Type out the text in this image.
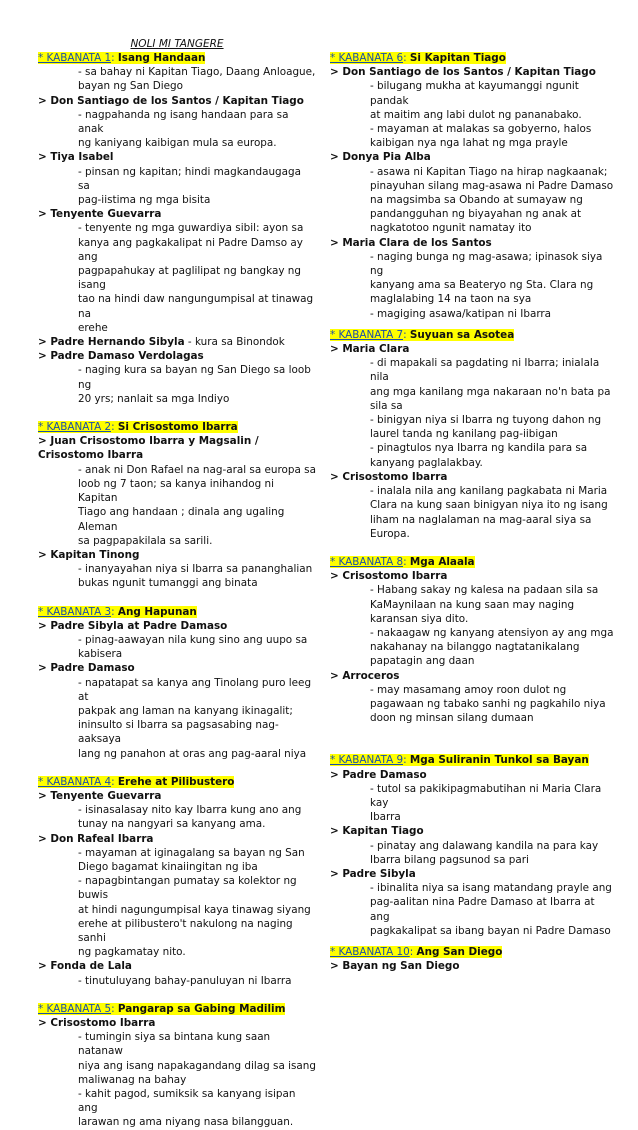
NOLI MI TANGERE
* KABANATA 1: Isang Handaan
- sa bahay ni Kapitan Tiago, Daang Anloague,
bayan ng San Diego
> Don Santiago de los Santos / Kapitan Tiago
- nagpahanda ng isang handaan para sa anak
ng kaniyang kaibigan mula sa europa.
> Tiya Isabel
- pinsan ng kapitan; hindi magkandaugaga sa
pag-iistima ng mga bisita
> Tenyente Guevarra
- tenyente ng mga guwardiya sibil: ayon sa
kanya ang pagkakalipat ni Padre Damso ay ang
pagpapahukay at paglilipat ng bangkay ng isang
tao na hindi daw nangungumpisal at tinawag na
erehe
> Padre Hernando Sibyla - kura sa Binondok
> Padre Damaso Verdolagas
- naging kura sa bayan ng San Diego sa loob ng
20 yrs; nanlait sa mga Indiyo
* KABANATA 2: Si Crisostomo Ibarra
> Juan Crisostomo Ibarra y Magsalin /
Crisostomo Ibarra
- anak ni Don Rafael na nag-aral sa europa sa
loob ng 7 taon; sa kanya inihandog ni Kapitan
Tiago ang handaan ; dinala ang ugaling Aleman
sa pagpapakilala sa sarili.
> Kapitan Tinong
- inanyayahan niya si Ibarra sa pananghalian
bukas ngunit tumanggi ang binata
* KABANATA 3: Ang Hapunan
> Padre Sibyla at Padre Damaso
- pinag-aawayan nila kung sino ang uupo sa
kabisera
> Padre Damaso
- napatapat sa kanya ang Tinolang puro leeg at
pakpak ang laman na kanyang ikinagalit;
ininsulto si Ibarra sa pagsasabing nag-aaksaya
lang ng panahon at oras ang pag-aaral niya
* KABANATA 4: Erehe at Pilibustero
> Tenyente Guevarra
- isinasalasay nito kay Ibarra kung ano ang
tunay na nangyari sa kanyang ama.
> Don Rafeal Ibarra
- mayaman at iginagalang sa bayan ng San
Diego bagamat kinaiingitan ng iba
- napagbintangan pumatay sa kolektor ng buwis
at hindi nagungumpisal kaya tinawag siyang
erehe at pilibustero't nakulong na naging sanhi
ng pagkamatay nito.
> Fonda de Lala
- tinutuluyang bahay-panuluyan ni Ibarra
* KABANATA 5: Pangarap sa Gabing Madilim
> Crisostomo Ibarra
- tumingin siya sa bintana kung saan natanaw
niya ang isang napakagandang dilag sa isang
maliwanag na bahay
- kahit pagod, sumiksik sa kanyang isipan ang
larawan ng ama niyang nasa bilangguan.
* KABANATA 6: Si Kapitan Tiago
> Don Santiago de los Santos / Kapitan Tiago
- bilugang mukha at kayumanggi ngunit pandak
at maitim ang labi dulot ng pananabako.
- mayaman at malakas sa gobyerno, halos
kaibigan nya nga lahat ng mga prayle
> Donya Pia Alba
- asawa ni Kapitan Tiago na hirap nagkaanak;
pinayuhan silang mag-asawa ni Padre Damaso
na magsimba sa Obando at sumayaw ng
pandangguhan ng biyayahan ng anak at
nagkatotoo ngunit namatay ito
> Maria Clara de los Santos
- naging bunga ng mag-asawa; ipinasok siya ng
kanyang ama sa Beateryo ng Sta. Clara ng
maglalabing 14 na taon na sya
- magiging asawa/katipan ni Ibarra
* KABANATA 7: Suyuan sa Asotea
> Maria Clara
- di mapakali sa pagdating ni Ibarra; inialala nila
ang mga kanilang mga nakaraan no'n bata pa
sila sa
- binigyan niya si Ibarra ng tuyong dahon ng
laurel tanda ng kanilang pag-iibigan
- pinagtulos nya Ibarra ng kandila para sa
kanyang paglalakbay.
> Crisostomo Ibarra
- inalala nila ang kanilang pagkabata ni Maria
Clara na kung saan binigyan niya ito ng isang
liham na naglalaman na mag-aaral siya sa
Europa.
* KABANATA 8: Mga Alaala
> Crisostomo Ibarra
- Habang sakay ng kalesa na padaan sila sa
KaMaynilaan na kung saan may naging
karansan siya dito.
- nakaagaw ng kanyang atensiyon ay ang mga
nakahanay na bilanggo nagtatanikalang
papatagin ang daan
> Arroceros
- may masamang amoy roon dulot ng
pagawaan ng tabako sanhi ng pagkahilo niya
doon ng minsan silang dumaan
* KABANATA 9: Mga Suliranin Tunkol sa Bayan
> Padre Damaso
- tutol sa pakikipagmabutihan ni Maria Clara kay
Ibarra
> Kapitan Tiago
- pinatay ang dalawang kandila na para kay
Ibarra bilang pagsunod sa pari
> Padre Sibyla
- ibinalita niya sa isang matandang prayle ang
pag-aalitan nina Padre Damaso at Ibarra at ang
pagkakalipat sa ibang bayan ni Padre Damaso
* KABANATA 10: Ang San Diego
> Bayan ng San Diego
